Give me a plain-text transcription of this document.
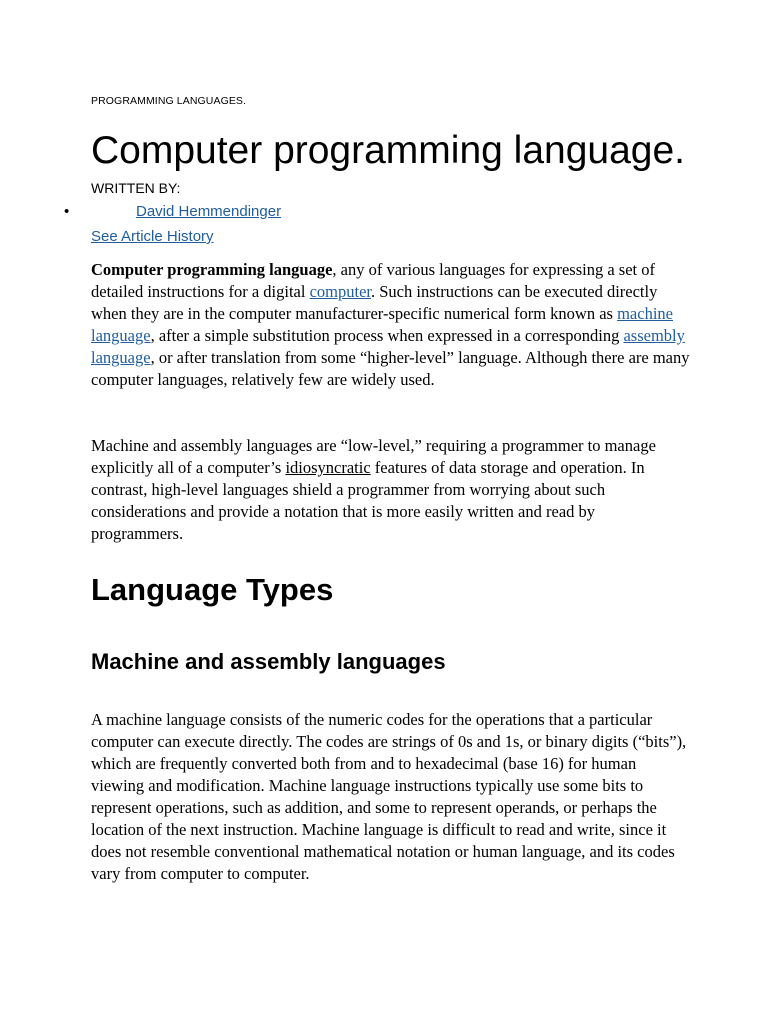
PROGRAMMING LANGUAGES.
Computer programming language.
WRITTEN BY:
•	David Hemmendinger
See Article History

Computer programming language, any of various languages for expressing a set of detailed instructions for a digital computer. Such instructions can be executed directly when they are in the computer manufacturer-specific numerical form known as machine language, after a simple substitution process when expressed in a corresponding assembly language, or after translation from some “higher-level” language. Although there are many computer languages, relatively few are widely used.

Machine and assembly languages are “low-level,” requiring a programmer to manage explicitly all of a computer’s idiosyncratic features of data storage and operation. In contrast, high-level languages shield a programmer from worrying about such considerations and provide a notation that is more easily written and read by programmers.

Language Types
Machine and assembly languages

A machine language consists of the numeric codes for the operations that a particular computer can execute directly. The codes are strings of 0s and 1s, or binary digits (“bits”), which are frequently converted both from and to hexadecimal (base 16) for human viewing and modification. Machine language instructions typically use some bits to represent operations, such as addition, and some to represent operands, or perhaps the location of the next instruction. Machine language is difficult to read and write, since it does not resemble conventional mathematical notation or human language, and its codes vary from computer to computer.
